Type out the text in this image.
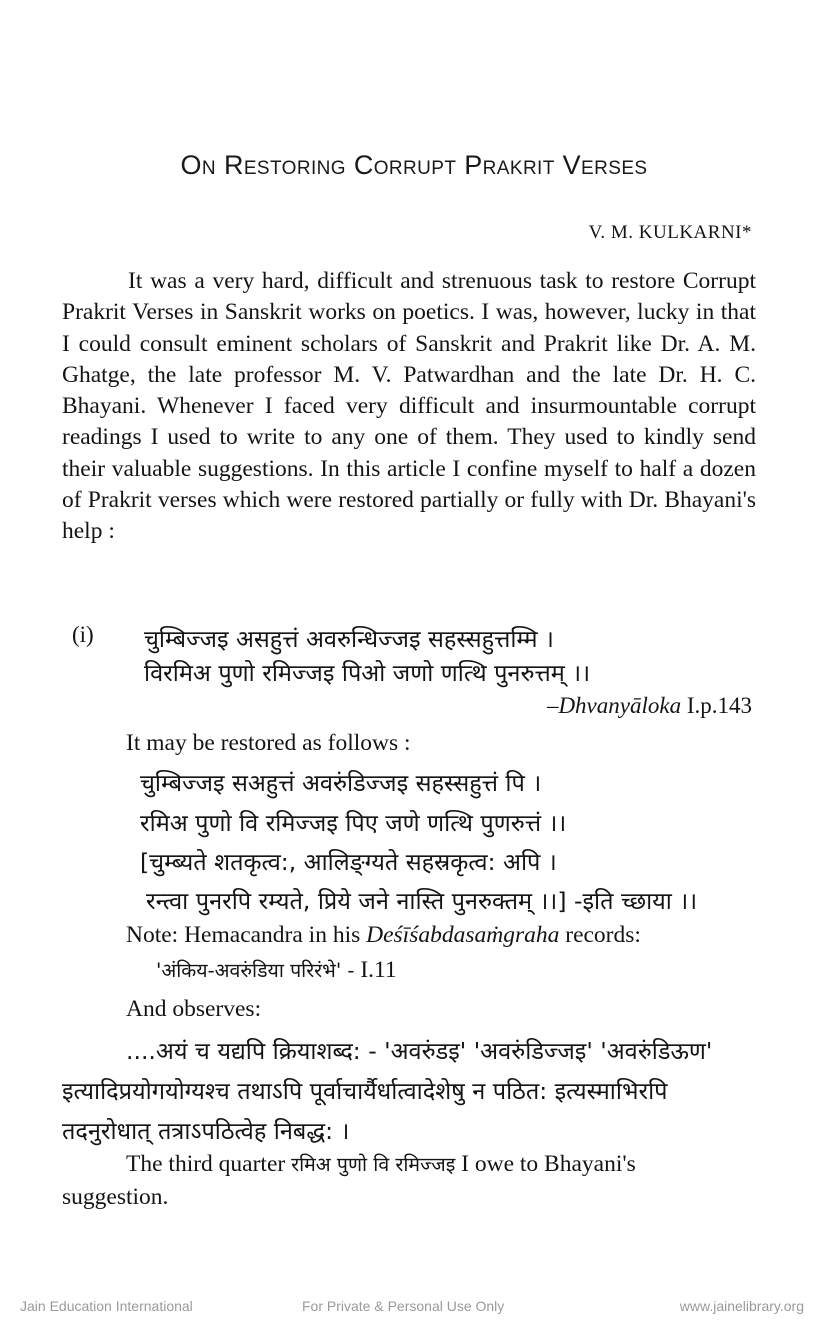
On Restoring Corrupt Prakrit Verses
V. M. KULKARNI*
It was a very hard, difficult and strenuous task to restore Corrupt Prakrit Verses in Sanskrit works on poetics. I was, however, lucky in that I could consult eminent scholars of Sanskrit and Prakrit like Dr. A. M. Ghatge, the late professor M. V. Patwardhan and the late Dr. H. C. Bhayani. Whenever I faced very difficult and insurmountable corrupt readings I used to write to any one of them. They used to kindly send their valuable suggestions. In this article I confine myself to half a dozen of Prakrit verses which were restored partially or fully with Dr. Bhayani's help :
(i) चुम्बिज्जइ असहुत्तं अवरुन्धिज्जइ सहस्सहुत्तम्मि ।
विरमिअ पुणो रमिज्जइ पिओ जणो णत्थि पुनरुत्तम् ।।
–Dhvanyāloka I.p.143
It may be restored as follows :
चुम्बिज्जइ सअहुत्तं अवरुंडिज्जइ सहस्सहुत्तं पि ।
रमिअ पुणो वि रमिज्जइ पिए जणे णत्थि पुणरुत्तं ।।
[चुम्ब्यते शतकृत्व:, आलिङ्ग्यते सहस्रकृत्व: अपि ।
रन्त्वा पुनरपि रम्यते, प्रिये जने नास्ति पुनरुक्तम् ।।] -इति च्छाया ।।
Note: Hemacandra in his Deśīśabdasaṁgraha records:
'अंकिय-अवरुंडिया परिरंभे' - I.11
And observes:
....अयं च यद्यपि क्रियाशब्द: - 'अवरुंडइ' 'अवरुंडिज्जइ' 'अवरुंडिऊण'
इत्यादिप्रयोगयोग्यश्च तथाऽपि पूर्वाचार्यैर्धात्वादेशेषु न पठित: इत्यस्माभिरपि
तदनुरोधात् तत्राऽपठित्वेह निबद्ध: ।
The third quarter रमिअ पुणो वि रमिज्जइ I owe to Bhayani's
suggestion.
Jain Education International	For Private & Personal Use Only	www.jainelibrary.org
